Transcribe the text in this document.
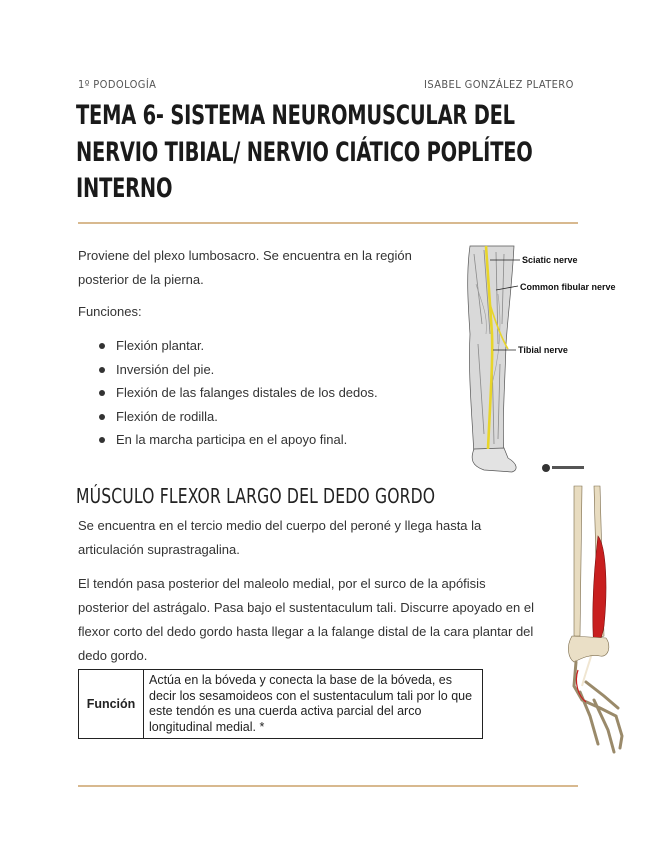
1º PODOLOGÍA	ISABEL GONZÁLEZ PLATERO
TEMA 6- SISTEMA NEUROMUSCULAR DEL NERVIO TIBIAL/ NERVIO CIÁTICO POPLÍTEO INTERNO

Proviene del plexo lumbosacro. Se encuentra en la región posterior de la pierna.

Funciones:

Flexión plantar.
Inversión del pie.
Flexión de las falanges distales de los dedos.
Flexión de rodilla.
En la marcha participa en el apoyo final.
Sciatic nerve
Common fibular nerve
Tibial nerve
MÚSCULO FLEXOR LARGO DEL DEDO GORDO

Se encuentra en el tercio medio del cuerpo del peroné y llega hasta la articulación suprastragalina.

El tendón pasa posterior del maleolo medial, por el surco de la apófisis posterior del astrágalo. Pasa bajo el sustentaculum tali. Discurre apoyado en el flexor corto del dedo gordo hasta llegar a la falange distal de la cara plantar del dedo gordo.

Función	Actúa en la bóveda y conecta la base de la bóveda, es decir los sesamoideos con el sustentaculum tali por lo que este tendón es una cuerda activa parcial del arco longitudinal medial. *
